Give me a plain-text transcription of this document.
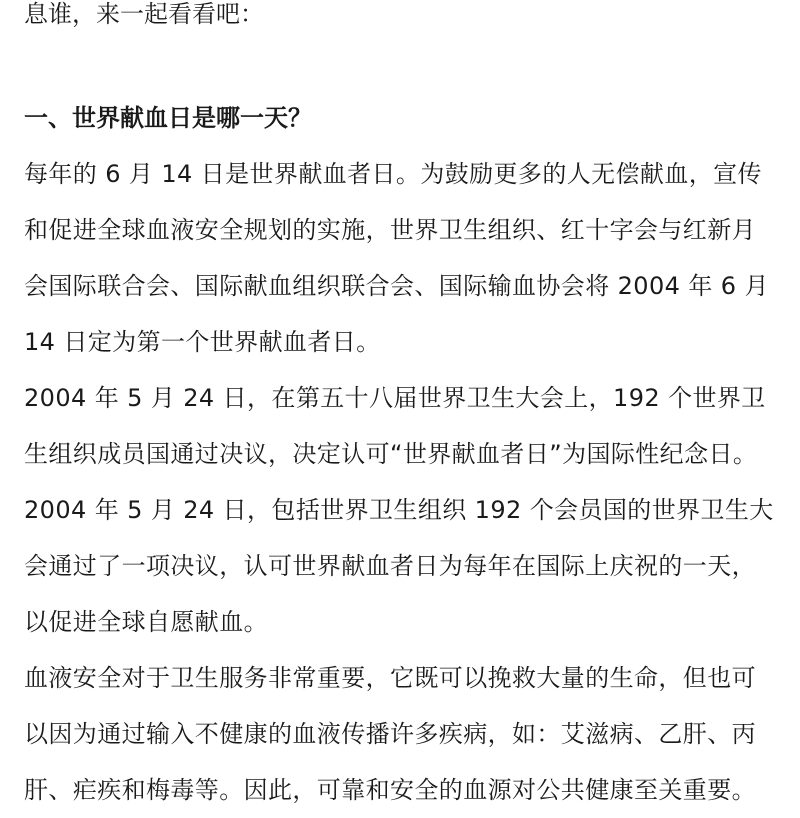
息谁，来一起看看吧：
一、世界献血日是哪一天？
每年的 6 月 14 日是世界献血者日。为鼓励更多的人无偿献血，宣传
和促进全球血液安全规划的实施，世界卫生组织、红十字会与红新月
会国际联合会、国际献血组织联合会、国际输血协会将 2004 年 6 月
14 日定为第一个世界献血者日。
2004 年 5 月 24 日，在第五十八届世界卫生大会上，192 个世界卫
生组织成员国通过决议，决定认可“世界献血者日”为国际性纪念日。
2004 年 5 月 24 日，包括世界卫生组织 192 个会员国的世界卫生大
会通过了一项决议，认可世界献血者日为每年在国际上庆祝的一天，
以促进全球自愿献血。
血液安全对于卫生服务非常重要，它既可以挽救大量的生命，但也可
以因为通过输入不健康的血液传播许多疾病，如：艾滋病、乙肝、丙
肝、疟疾和梅毒等。因此，可靠和安全的血源对公共健康至关重要。
